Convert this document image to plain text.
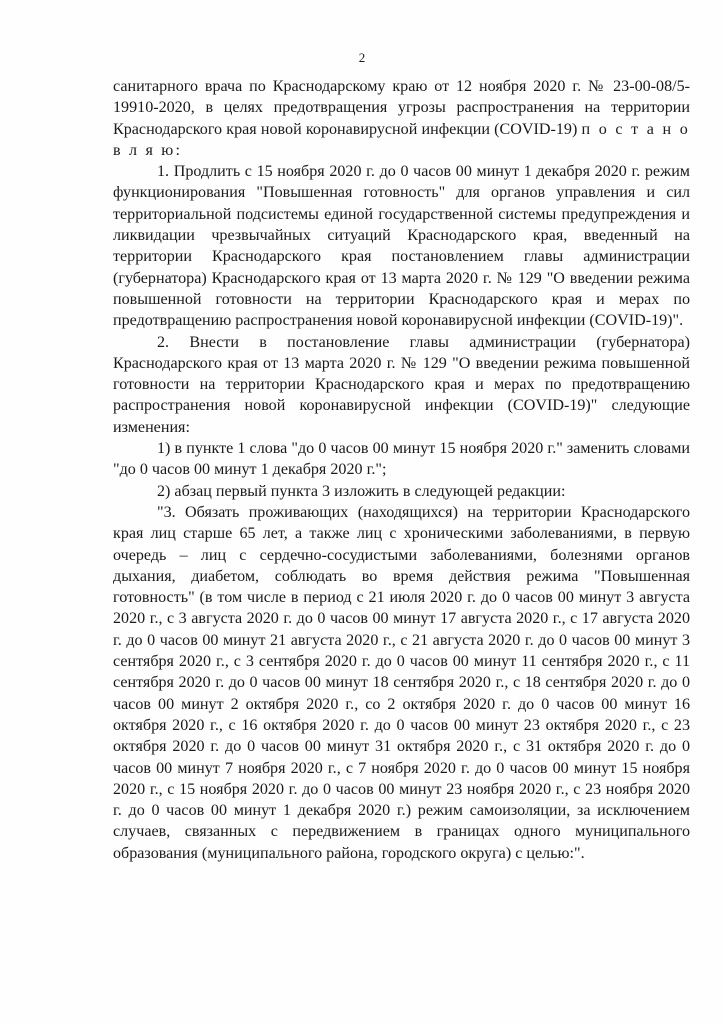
2

санитарного врача по Краснодарскому краю от 12 ноября 2020 г. № 23-00-08/5-19910-2020, в целях предотвращения угрозы распространения на территории Краснодарского края новой коронавирусной инфекции (COVID-19) п о с т а н о в л я ю:

1. Продлить с 15 ноября 2020 г. до 0 часов 00 минут 1 декабря 2020 г. режим функционирования "Повышенная готовность" для органов управления и сил территориальной подсистемы единой государственной системы предупреждения и ликвидации чрезвычайных ситуаций Краснодарского края, введенный на территории Краснодарского края постановлением главы администрации (губернатора) Краснодарского края от 13 марта 2020 г. № 129 "О введении режима повышенной готовности на территории Краснодарского края и мерах по предотвращению распространения новой коронавирусной инфекции (COVID-19)".

2. Внести в постановление главы администрации (губернатора) Краснодарского края от 13 марта 2020 г. № 129 "О введении режима повышенной готовности на территории Краснодарского края и мерах по предотвращению распространения новой коронавирусной инфекции (COVID-19)" следующие изменения:

1) в пункте 1 слова "до 0 часов 00 минут 15 ноября 2020 г." заменить словами "до 0 часов 00 минут 1 декабря 2020 г.";

2) абзац первый пункта 3 изложить в следующей редакции:

"3. Обязать проживающих (находящихся) на территории Краснодарского края лиц старше 65 лет, а также лиц с хроническими заболеваниями, в первую очередь – лиц с сердечно-сосудистыми заболеваниями, болезнями органов дыхания, диабетом, соблюдать во время действия режима "Повышенная готовность" (в том числе в период с 21 июля 2020 г. до 0 часов 00 минут 3 августа 2020 г., с 3 августа 2020 г. до 0 часов 00 минут 17 августа 2020 г., с 17 августа 2020 г. до 0 часов 00 минут 21 августа 2020 г., с 21 августа 2020 г. до 0 часов 00 минут 3 сентября 2020 г., с 3 сентября 2020 г. до 0 часов 00 минут 11 сентября 2020 г., с 11 сентября 2020 г. до 0 часов 00 минут 18 сентября 2020 г., с 18 сентября 2020 г. до 0 часов 00 минут 2 октября 2020 г., со 2 октября 2020 г. до 0 часов 00 минут 16 октября 2020 г., с 16 октября 2020 г. до 0 часов 00 минут 23 октября 2020 г., с 23 октября 2020 г. до 0 часов 00 минут 31 октября 2020 г., с 31 октября 2020 г. до 0 часов 00 минут 7 ноября 2020 г., с 7 ноября 2020 г. до 0 часов 00 минут 15 ноября 2020 г., с 15 ноября 2020 г. до 0 часов 00 минут 23 ноября 2020 г., с 23 ноября 2020 г. до 0 часов 00 минут 1 декабря 2020 г.) режим самоизоляции, за исключением случаев, связанных с передвижением в границах одного муниципального образования (муниципального района, городского округа) с целью:".
